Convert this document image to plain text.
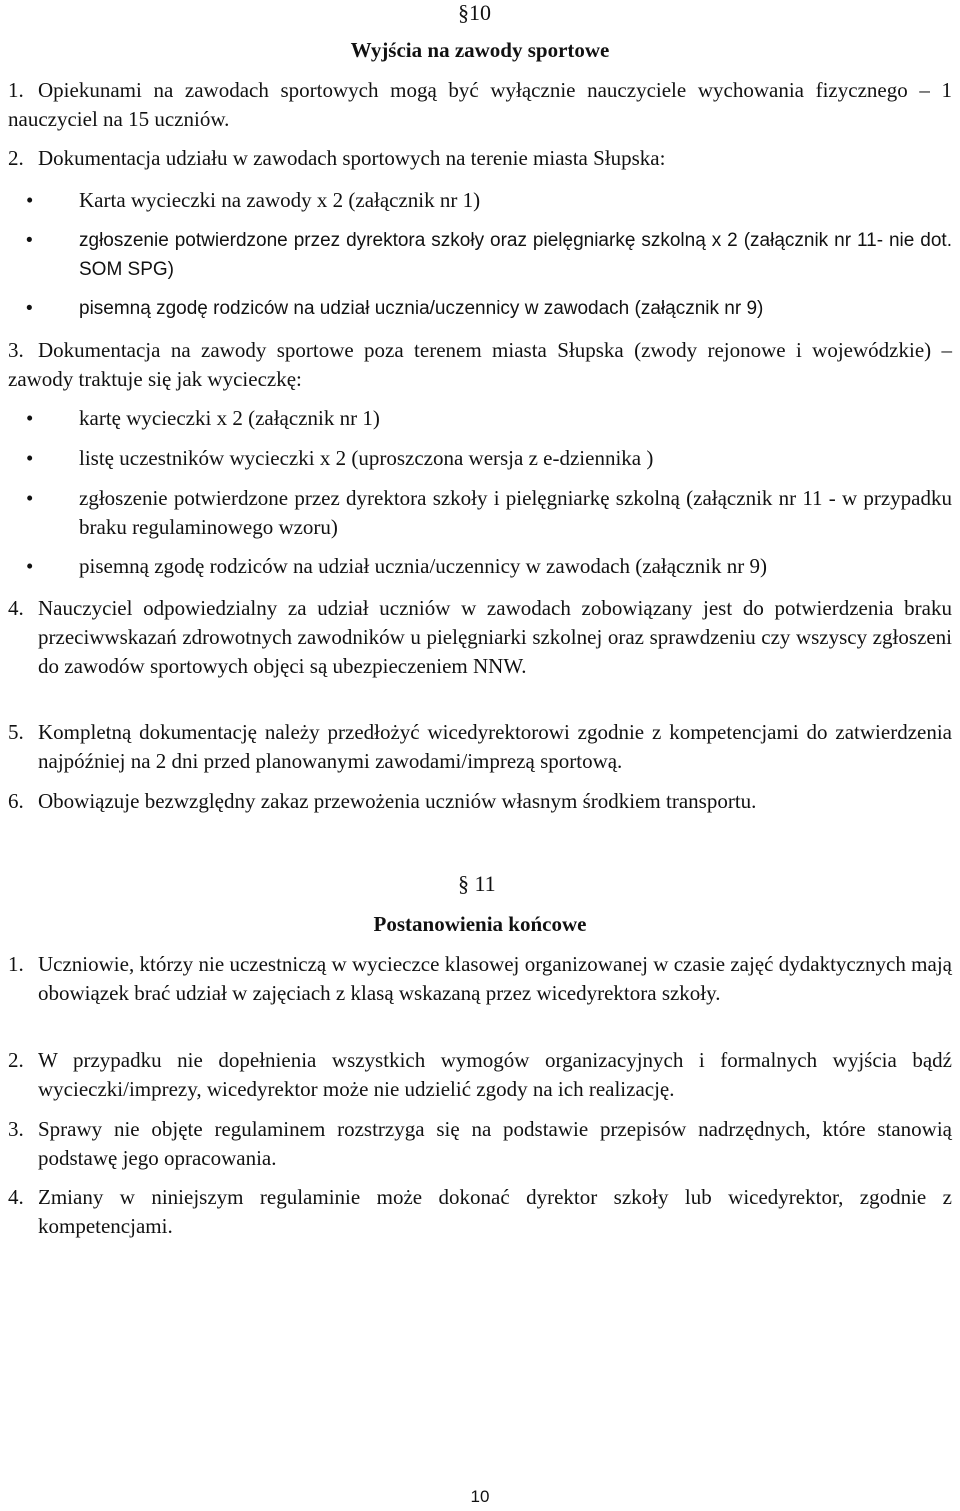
§10
Wyjścia na zawody sportowe
1. Opiekunami na zawodach sportowych mogą być wyłącznie nauczyciele wychowania fizycznego – 1 nauczyciel na 15 uczniów.
2. Dokumentacja udziału w zawodach sportowych na terenie miasta Słupska:
• Karta wycieczki na zawody x 2 (załącznik nr 1)
• zgłoszenie potwierdzone przez dyrektora szkoły oraz pielęgniarkę szkolną x 2 (załącznik nr 11- nie dot. SOM SPG)
• pisemną zgodę rodziców na udział ucznia/uczennicy w zawodach (załącznik nr 9)
3. Dokumentacja na zawody sportowe poza terenem miasta Słupska (zwody rejonowe i wojewódzkie) – zawody traktuje się jak wycieczkę:
• kartę wycieczki x 2 (załącznik nr 1)
• listę uczestników wycieczki x 2 (uproszczona wersja z e-dziennika )
• zgłoszenie potwierdzone przez dyrektora szkoły i pielęgniarkę szkolną (załącznik nr 11 - w przypadku braku regulaminowego wzoru)
• pisemną zgodę rodziców na udział ucznia/uczennicy w zawodach (załącznik nr 9)
4. Nauczyciel odpowiedzialny za udział uczniów w zawodach zobowiązany jest do potwierdzenia braku przeciwwskazań zdrowotnych zawodników u pielęgniarki szkolnej oraz sprawdzeniu czy wszyscy zgłoszeni do zawodów sportowych objęci są ubezpieczeniem NNW.
5. Kompletną dokumentację należy przedłożyć wicedyrektorowi zgodnie z kompetencjami do zatwierdzenia najpóźniej na 2 dni przed planowanymi zawodami/imprezą sportową.
6. Obowiązuje bezwzględny zakaz przewożenia uczniów własnym środkiem transportu.
§ 11
Postanowienia końcowe
1. Uczniowie, którzy nie uczestniczą w wycieczce klasowej organizowanej w czasie zajęć dydaktycznych mają obowiązek brać udział w zajęciach z klasą wskazaną przez wicedyrektora szkoły.
2. W przypadku nie dopełnienia wszystkich wymogów organizacyjnych i formalnych wyjścia bądź wycieczki/imprezy, wicedyrektor może nie udzielić zgody na ich realizację.
3. Sprawy nie objęte regulaminem rozstrzyga się na podstawie przepisów nadrzędnych, które stanowią podstawę jego opracowania.
4. Zmiany w niniejszym regulaminie może dokonać dyrektor szkoły lub wicedyrektor, zgodnie z kompetencjami.
10
